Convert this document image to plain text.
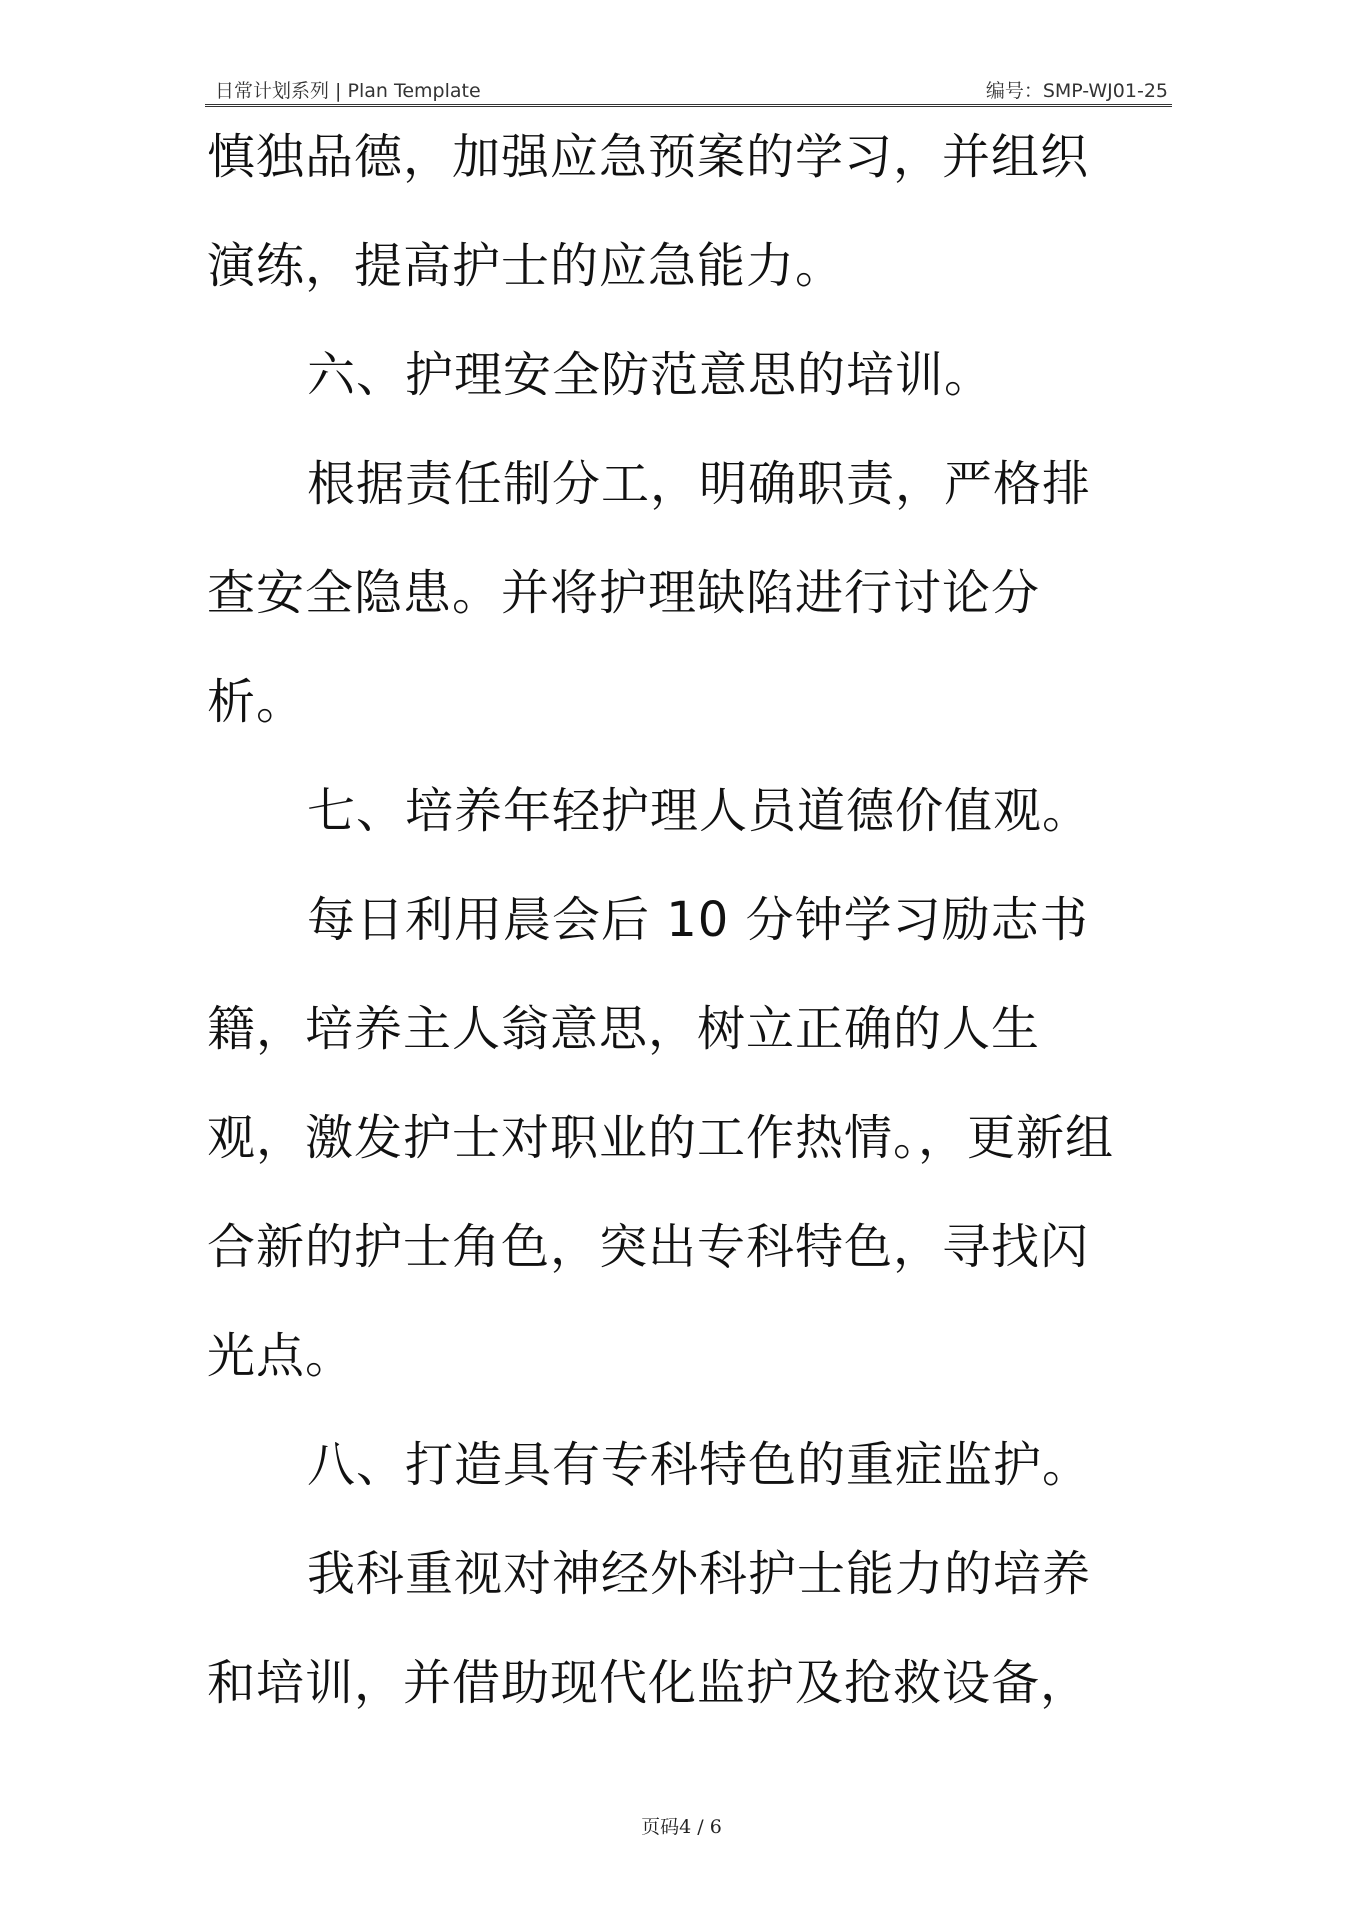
日常计划系列 | Plan Template	编号：SMP-WJ01-25
慎独品德，加强应急预案的学习，并组织
演练，提高护士的应急能力。
六、护理安全防范意思的培训。
根据责任制分工，明确职责，严格排
查安全隐患。并将护理缺陷进行讨论分
析。
七、培养年轻护理人员道德价值观。
每日利用晨会后 10 分钟学习励志书
籍，培养主人翁意思，树立正确的人生
观，激发护士对职业的工作热情。，更新组
合新的护士角色，突出专科特色，寻找闪
光点。
八、打造具有专科特色的重症监护。
我科重视对神经外科护士能力的培养
和培训，并借助现代化监护及抢救设备，
页码4 / 6
